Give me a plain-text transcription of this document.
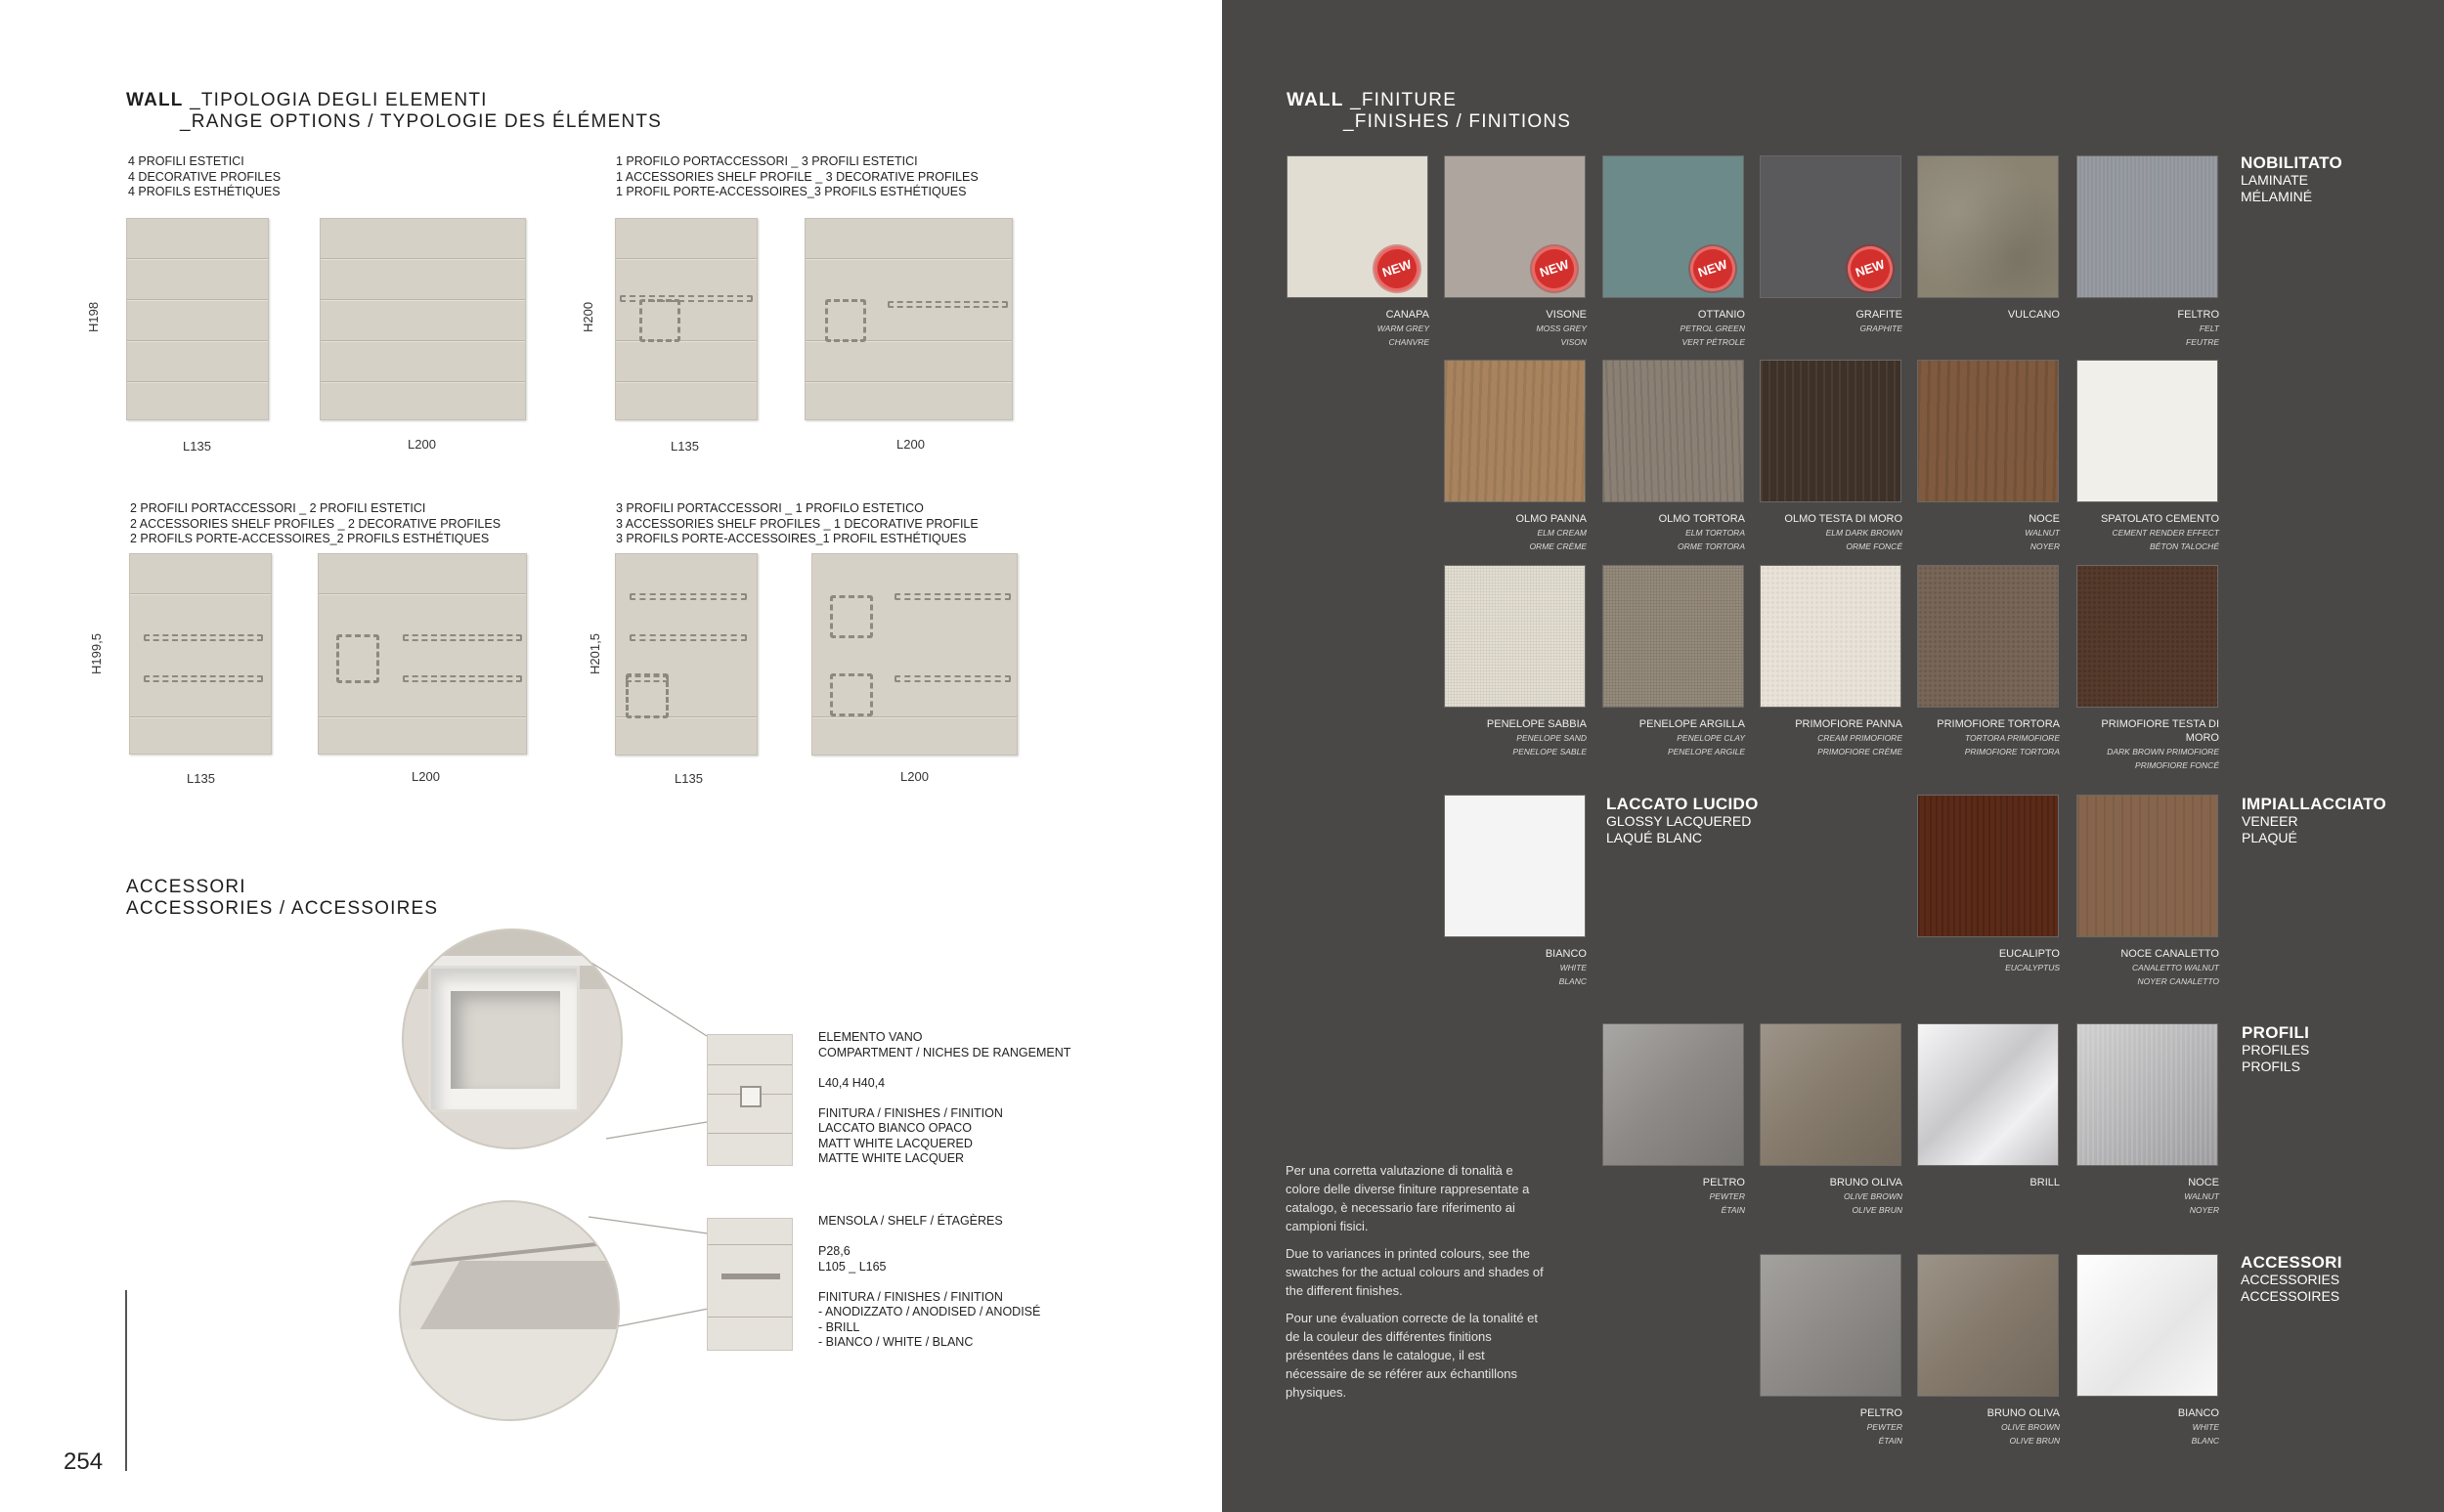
WALL _TIPOLOGIA DEGLI ELEMENTI
_RANGE OPTIONS / TYPOLOGIE DES ÉLÉMENTS
4 PROFILI ESTETICI
4 DECORATIVE PROFILES
4 PROFILS ESTHÉTIQUES
H198
L135	L200
1 PROFILO PORTACCESSORI _ 3 PROFILI ESTETICI
1 ACCESSORIES SHELF PROFILE _ 3 DECORATIVE PROFILES
1 PROFIL PORTE-ACCESSOIRES_3 PROFILS ESTHÉTIQUES
H200
L135	L200
2 PROFILI PORTACCESSORI _ 2 PROFILI ESTETICI
2 ACCESSORIES SHELF PROFILES _ 2 DECORATIVE PROFILES
2 PROFILS PORTE-ACCESSOIRES_2 PROFILS ESTHÉTIQUES
H199,5
L135	L200
3 PROFILI PORTACCESSORI _ 1 PROFILO ESTETICO
3 ACCESSORIES SHELF PROFILES _ 1 DECORATIVE PROFILE
3 PROFILS PORTE-ACCESSOIRES_1 PROFIL ESTHÉTIQUES
H201,5
L135	L200
ACCESSORI
ACCESSORIES / ACCESSOIRES
ELEMENTO VANO
COMPARTMENT / NICHES DE RANGEMENT

L40,4 H40,4

FINITURA / FINISHES / FINITION
LACCATO BIANCO OPACO
MATT WHITE LACQUERED
MATTE WHITE LACQUER
MENSOLA / SHELF / ÉTAGÈRES

P28,6
L105 _ L165

FINITURA / FINISHES / FINITION
- ANODIZZATO / ANODISED / ANODISÉ
- BRILL
- BIANCO / WHITE / BLANC
254
WALL _FINITURE
_FINISHES / FINITIONS
NOBILITATO
LAMINATE
MÉLAMINÉ
LACCATO LUCIDO
GLOSSY LACQUERED
LAQUÉ BLANC
IMPIALLACCIATO
VENEER
PLAQUÉ
PROFILI
PROFILES
PROFILS
ACCESSORI
ACCESSORIES
ACCESSOIRES
NEW
CANAPA
WARM GREY
CHANVRE
NEW
VISONE
MOSS GREY
VISON
NEW
OTTANIO
PETROL GREEN
VERT PÉTROLE
NEW
GRAFITE
GRAPHITE
VULCANO	FELTRO
FELT
FEUTRE
OLMO PANNA
ELM CREAM
ORME CRÈME
OLMO TORTORA
ELM TORTORA
ORME TORTORA
OLMO TESTA DI MORO
ELM DARK BROWN
ORME FONCÉ
NOCE
WALNUT
NOYER
SPATOLATO CEMENTO
CEMENT RENDER EFFECT
BÉTON TALOCHÉ
PENELOPE SABBIA
PENELOPE SAND
PENELOPE SABLE
PENELOPE ARGILLA
PENELOPE CLAY
PENELOPE ARGILE
PRIMOFIORE PANNA
CREAM PRIMOFIORE
PRIMOFIORE CRÈME
PRIMOFIORE TORTORA
TORTORA PRIMOFIORE
PRIMOFIORE TORTORA
PRIMOFIORE TESTA DI MORO
DARK BROWN PRIMOFIORE
PRIMOFIORE FONCÉ
BIANCO
WHITE
BLANC
EUCALIPTO
EUCALYPTUS
NOCE CANALETTO
CANALETTO WALNUT
NOYER CANALETTO
PELTRO
PEWTER
ÉTAIN
BRUNO OLIVA
OLIVE BROWN
OLIVE BRUN
BRILL	NOCE
WALNUT
NOYER
PELTRO
PEWTER
ÉTAIN
BRUNO OLIVA
OLIVE BROWN
OLIVE BRUN
BIANCO
WHITE
BLANC

Per una corretta valutazione di tonalità e colore delle diverse finiture rappresentate a catalogo, è necessario fare riferimento ai campioni fisici.

Due to variances in printed colours, see the swatches for the actual colours and shades of the different finishes.

Pour une évaluation correcte de la tonalité et de la couleur des différentes finitions présentées dans le catalogue, il est nécessaire de se référer aux échantillons physiques.
